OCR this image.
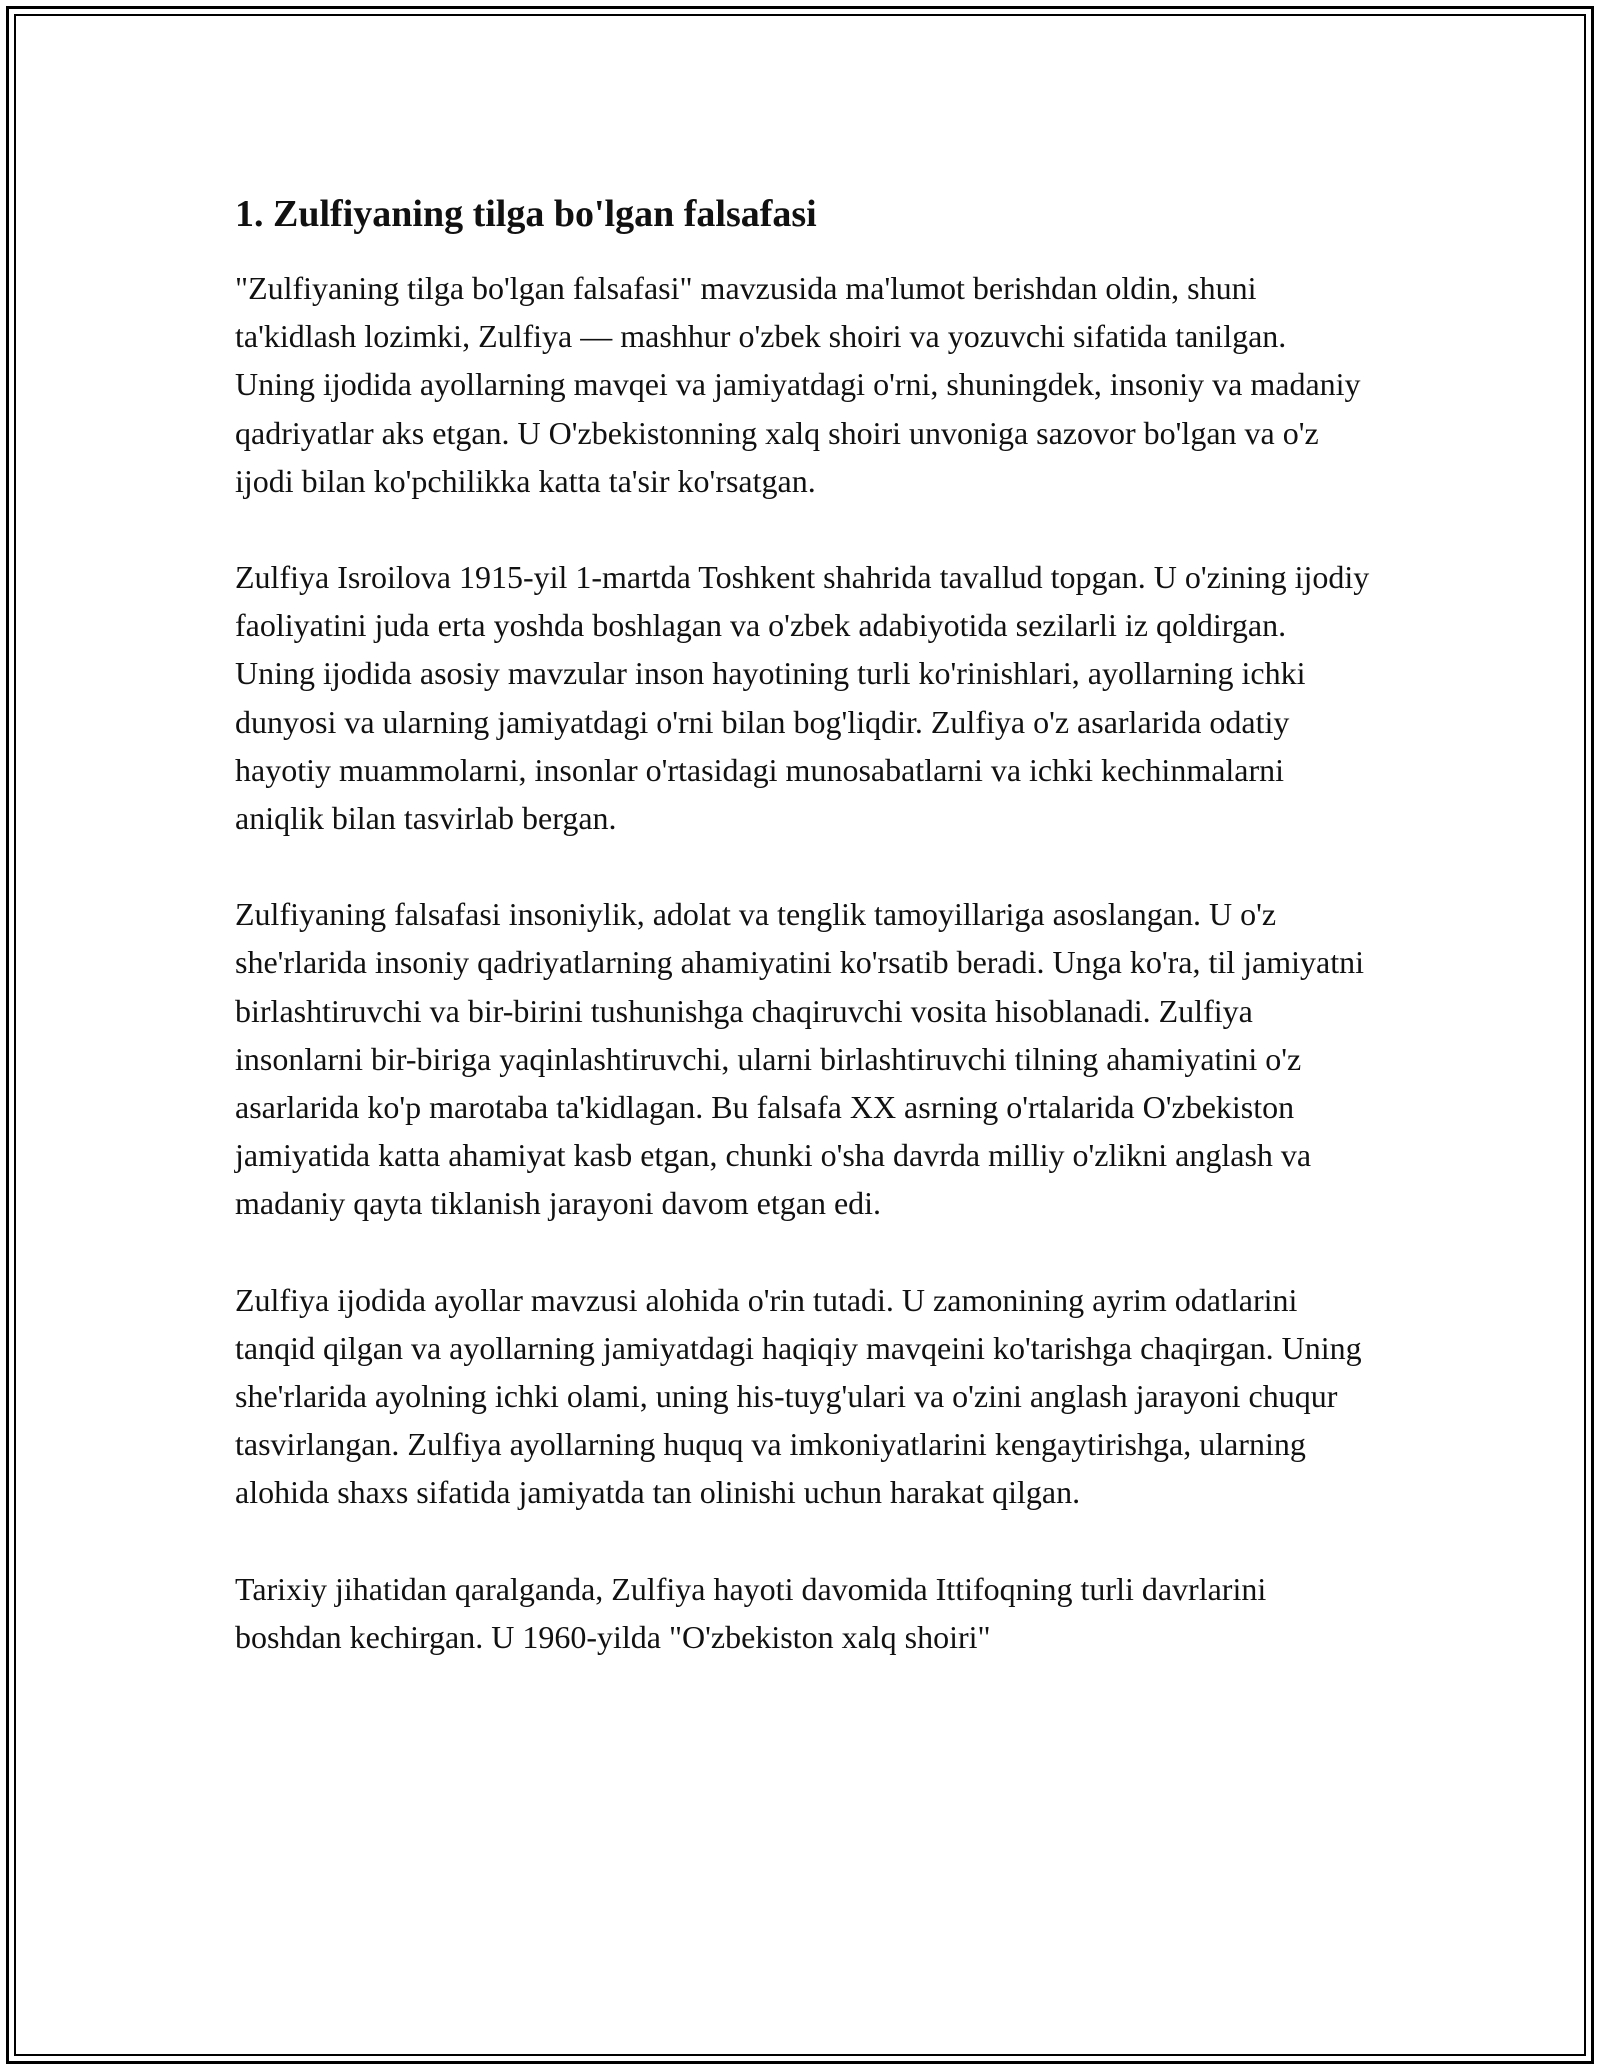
1. Zulfiyaning tilga bo'lgan falsafasi

"Zulfiyaning tilga bo'lgan falsafasi" mavzusida ma'lumot berishdan oldin, shuni ta'kidlash lozimki, Zulfiya — mashhur o'zbek shoiri va yozuvchi sifatida tanilgan. Uning ijodida ayollarning mavqei va jamiyatdagi o'rni, shuningdek, insoniy va madaniy qadriyatlar aks etgan. U O'zbekistonning xalq shoiri unvoniga sazovor bo'lgan va o'z ijodi bilan ko'pchilikka katta ta'sir ko'rsatgan.

Zulfiya Isroilova 1915-yil 1-martda Toshkent shahrida tavallud topgan. U o'zining ijodiy faoliyatini juda erta yoshda boshlagan va o'zbek adabiyotida sezilarli iz qoldirgan. Uning ijodida asosiy mavzular inson hayotining turli ko'rinishlari, ayollarning ichki dunyosi va ularning jamiyatdagi o'rni bilan bog'liqdir. Zulfiya o'z asarlarida odatiy hayotiy muammolarni, insonlar o'rtasidagi munosabatlarni va ichki kechinmalarni aniqlik bilan tasvirlab bergan.

Zulfiyaning falsafasi insoniylik, adolat va tenglik tamoyillariga asoslangan. U o'z she'rlarida insoniy qadriyatlarning ahamiyatini ko'rsatib beradi. Unga ko'ra, til jamiyatni birlashtiruvchi va bir-birini tushunishga chaqiruvchi vosita hisoblanadi. Zulfiya insonlarni bir-biriga yaqinlashtiruvchi, ularni birlashtiruvchi tilning ahamiyatini o'z asarlarida ko'p marotaba ta'kidlagan. Bu falsafa XX asrning o'rtalarida O'zbekiston jamiyatida katta ahamiyat kasb etgan, chunki o'sha davrda milliy o'zlikni anglash va madaniy qayta tiklanish jarayoni davom etgan edi.

Zulfiya ijodida ayollar mavzusi alohida o'rin tutadi. U zamonining ayrim odatlarini tanqid qilgan va ayollarning jamiyatdagi haqiqiy mavqeini ko'tarishga chaqirgan. Uning she'rlarida ayolning ichki olami, uning his-tuyg'ulari va o'zini anglash jarayoni chuqur tasvirlangan. Zulfiya ayollarning huquq va imkoniyatlarini kengaytirishga, ularning alohida shaxs sifatida jamiyatda tan olinishi uchun harakat qilgan.

Tarixiy jihatidan qaralganda, Zulfiya hayoti davomida Ittifoqning turli davrlarini boshdan kechirgan. U 1960-yilda "O'zbekiston xalq shoiri"
